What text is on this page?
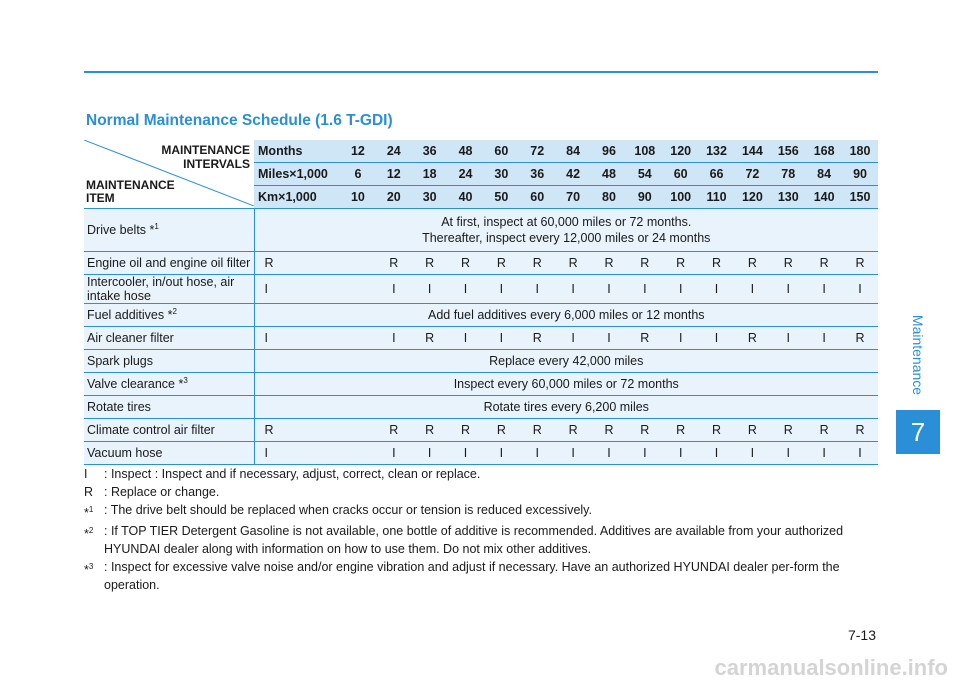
Maintenance
7
Normal Maintenance Schedule (1.6 T-GDI)
MAINTENANCE
INTERVALS
MAINTENANCE
ITEM	Months	12	24	36	48	60	72	84	96	108	120	132	144	156	168	180
	Miles×1,000	6	12	18	24	30	36	42	48	54	60	66	72	78	84	90
	Km×1,000	10	20	30	40	50	60	70	80	90	100	110	120	130	140	150
Drive belts *$^1$	At first, inspect at 60,000 miles or 72 months.
Thereafter, inspect every 12,000 miles or 24 months															
Engine oil and engine oil filter	R		R	R	R	R	R	R	R	R	R	R	R	R	R	R
Intercooler, in/out hose, air intake hose	I		I	I	I	I	I	I	I	I	I	I	I	I	I	I
Fuel additives *$^2$	Add fuel additives every 6,000 miles or 12 months															
Air cleaner filter	I		I	R	I	I	R	I	I	R	I	I	R	I	I	R
Spark plugs	Replace every 42,000 miles															
Valve clearance *$^3$	Inspect every 60,000 miles or 72 months															
Rotate tires	Rotate tires every 6,200 miles															
Climate control air filter	R		R	R	R	R	R	R	R	R	R	R	R	R	R	R
Vacuum hose	I		I	I	I	I	I	I	I	I	I	I	I	I	I	I
I	: Inspect : Inspect and if necessary, adjust, correct, clean or replace.
R : Replace or change.
*$^1$ : The drive belt should be replaced when cracks occur or tension is reduced excessively.
*$^2$ : If TOP TIER Detergent Gasoline is not available, one bottle of additive is recommended. Additives are available from your authorized HYUNDAI dealer along with information on how to use them. Do not mix other additives.
*$^3$ : Inspect for excessive valve noise and/or engine vibration and adjust if necessary. Have an authorized HYUNDAI dealer per-form the operation.
7-13
carmanualsonline.info
